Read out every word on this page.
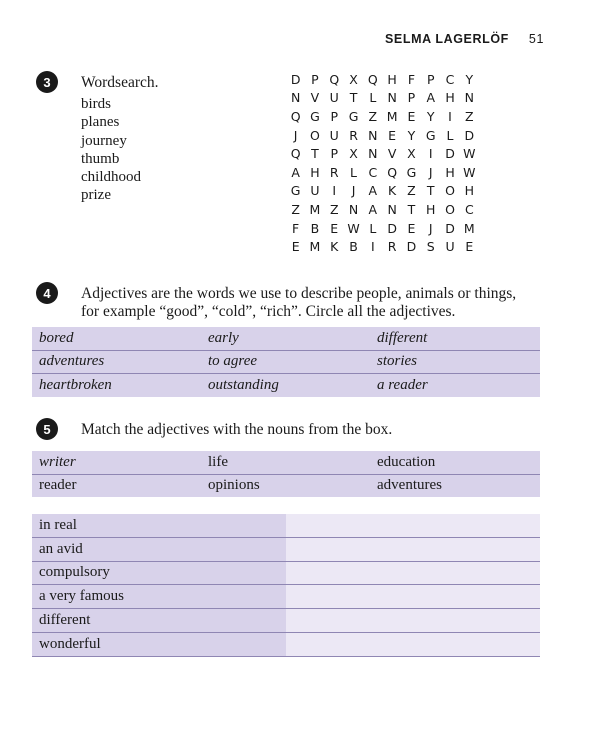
SELMA LAGERLÖF 51
3	Wordsearch.
birds
planes
journey
thumb
childhood
prize
D P Q X Q H F P C Y
N V U T L N P A H N
Q G P G Z M E Y	I	Z
J	O U R N E Y G L D
Q T P X N V X	I	D W
A H R L C Q G	J	H W
G U	I	J	A K Z T O H
Z M Z N A N T H O C
F B E W L D E	J	D M
E M K B	I	R D S U E
4	Adjectives are the words we use to describe people, animals or things,
for example “good”, “cold”, “rich”. Circle all the adjectives.
bored	early	different
adventures	to agree	stories
heartbroken	outstanding	a reader
5	Match the adjectives with the nouns from the box.
writer	life	education
reader	opinions	adventures
in real
an avid
compulsory
a very famous
different
wonderful
